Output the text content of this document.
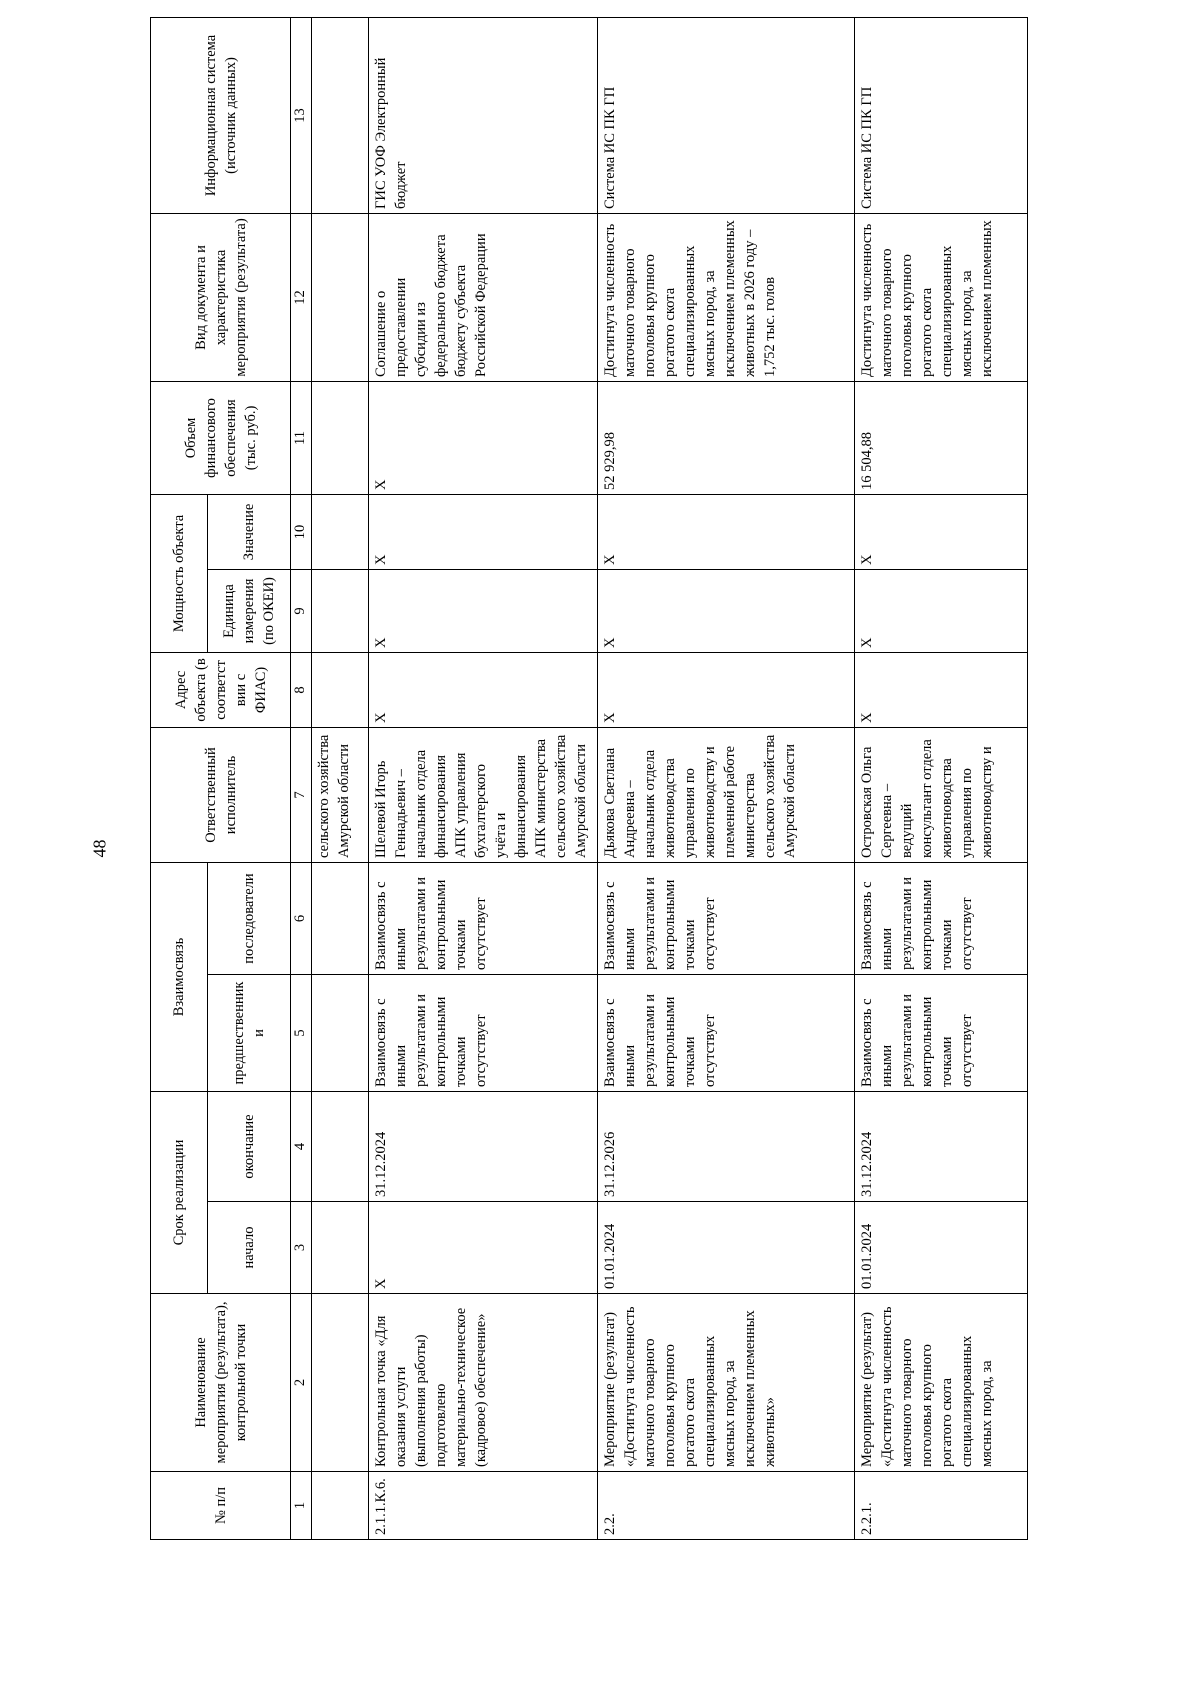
48
№ п/п	Наименование мероприятия (результата), контрольной точки	Срок реализации		Взаимосвязь		Ответственный исполнитель	Адрес объекта (в соответствии с ФИАС)	Мощность объекта		Объем финансового обеспечения (тыс. руб.)	Вид документа и характеристика мероприятия (результата)	Информационная система (источник данных)
		начало	окончание	предшественники	последователи			Единица измерения (по ОКЕИ)	Значение			
1	2	3	4	5	6	7	8	9	10	11	12	13
						сельского хозяйства Амурской области						
2.1.1.К.6.	Контрольная точка «Для оказания услуги (выполнения работы) подготовлено материально-техническое (кадровое) обеспечение»	X	31.12.2024	Взаимосвязь с иными результатами и контрольными точками отсутствует	Взаимосвязь с иными результатами и контрольными точками отсутствует	Шелевой Игорь Геннадьевич – начальник отдела финансирования АПК управления бухгалтерского учёта и финансирования АПК министерства сельского хозяйства Амурской области	X	X	X	X	Соглашение о предоставлении субсидии из федерального бюджета бюджету субъекта Российской Федерации	ГИС УОФ Электронный бюджет
2.2.	Мероприятие (результат) «Достигнута численность маточного товарного поголовья крупного рогатого скота специализированных мясных пород, за исключением племенных животных»	01.01.2024	31.12.2026	Взаимосвязь с иными результатами и контрольными точками отсутствует	Взаимосвязь с иными результатами и контрольными точками отсутствует	Дьякова Светлана Андреевна – начальник отдела животноводства управления по животноводству и племенной работе министерства сельского хозяйства Амурской области	X	X	X	52 929,98	Достигнута численность маточного товарного поголовья крупного рогатого скота специализированных мясных пород, за исключением племенных животных в 2026 году – 1,752 тыс. голов	Система ИС ПК ГП
2.2.1.	Мероприятие (результат) «Достигнута численность маточного товарного поголовья крупного рогатого скота специализированных мясных пород, за	01.01.2024	31.12.2024	Взаимосвязь с иными результатами и контрольными точками отсутствует	Взаимосвязь с иными результатами и контрольными точками отсутствует	Островская Ольга Сергеевна – ведущий консультант отдела животноводства управления по животноводству и	X	X	X	16 504,88	Достигнута численность маточного товарного поголовья крупного рогатого скота специализированных мясных пород, за исключением племенных	Система ИС ПК ГП
